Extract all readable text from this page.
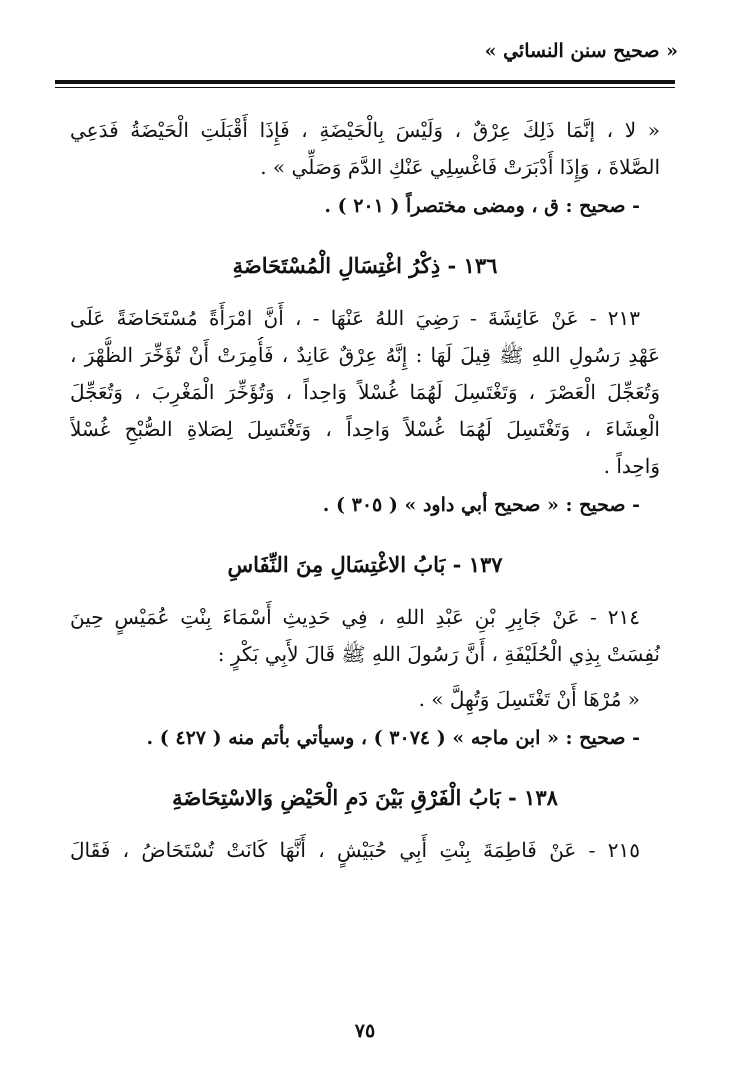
« صحيح سنن النسائي »
« لا ، إنَّمَا ذَلِكَ عِرْقٌ ، وَلَيْسَ بِالْحَيْضَةِ ، فَإِذَا أَقْبَلَتِ الْحَيْضَةُ فَدَعِي
الصَّلاةَ ، وَإِذَا أَدْبَرَتْ فَاغْسِلِي عَنْكِ الدَّمَ وَصَلِّي » .
- صحيح : ق ، ومضى مختصراً ( ٢٠١ ) .
١٣٦ - ذِكْرُ اغْتِسَالِ الْمُسْتَحَاضَةِ
٢١٣ - عَنْ عَائِشَةَ - رَضِيَ اللهُ عَنْهَا - ، أَنَّ امْرَأَةً مُسْتَحَاضَةً عَلَى
عَهْدِ رَسُولِ اللهِ ﷺ قِيلَ لَهَا : إِنَّهُ عِرْقٌ عَانِدٌ ، فَأُمِرَتْ أَنْ تُؤَخِّرَ الظُّهْرَ ،
وَتُعَجِّلَ الْعَصْرَ ، وَتَغْتَسِلَ لَهُمَا غُسْلاً وَاحِداً ، وَتُؤَخِّرَ الْمَغْرِبَ ، وَتُعَجِّلَ
الْعِشَاءَ ، وَتَغْتَسِلَ لَهُمَا غُسْلاً وَاحِداً ، وَتَغْتَسِلَ لِصَلاةِ الصُّبْحِ غُسْلاً
وَاحِداً .
- صحيح : « صحيح أبي داود » ( ٣٠٥ ) .
١٣٧ - بَابُ الاغْتِسَالِ مِنَ النِّفَاسِ
٢١٤ - عَنْ جَابِرِ بْنِ عَبْدِ اللهِ ، فِي حَدِيثِ أَسْمَاءَ بِنْتِ عُمَيْسٍ حِينَ
نُفِسَتْ بِذِي الْحُلَيْفَةِ ، أَنَّ رَسُولَ اللهِ ﷺ قَالَ لأَبِي بَكْرٍ :
« مُرْهَا أَنْ تَغْتَسِلَ وَتُهِلَّ » .
- صحيح : « ابن ماجه » ( ٣٠٧٤ ) ، وسيأتي بأتم منه ( ٤٢٧ ) .
١٣٨ - بَابُ الْفَرْقِ بَيْنَ دَمِ الْحَيْضِ وَالاسْتِحَاضَةِ
٢١٥ - عَنْ فَاطِمَةَ بِنْتِ أَبِي حُبَيْشٍ ، أَنَّهَا كَانَتْ تُسْتَحَاضُ ، فَقَالَ
٧٥
